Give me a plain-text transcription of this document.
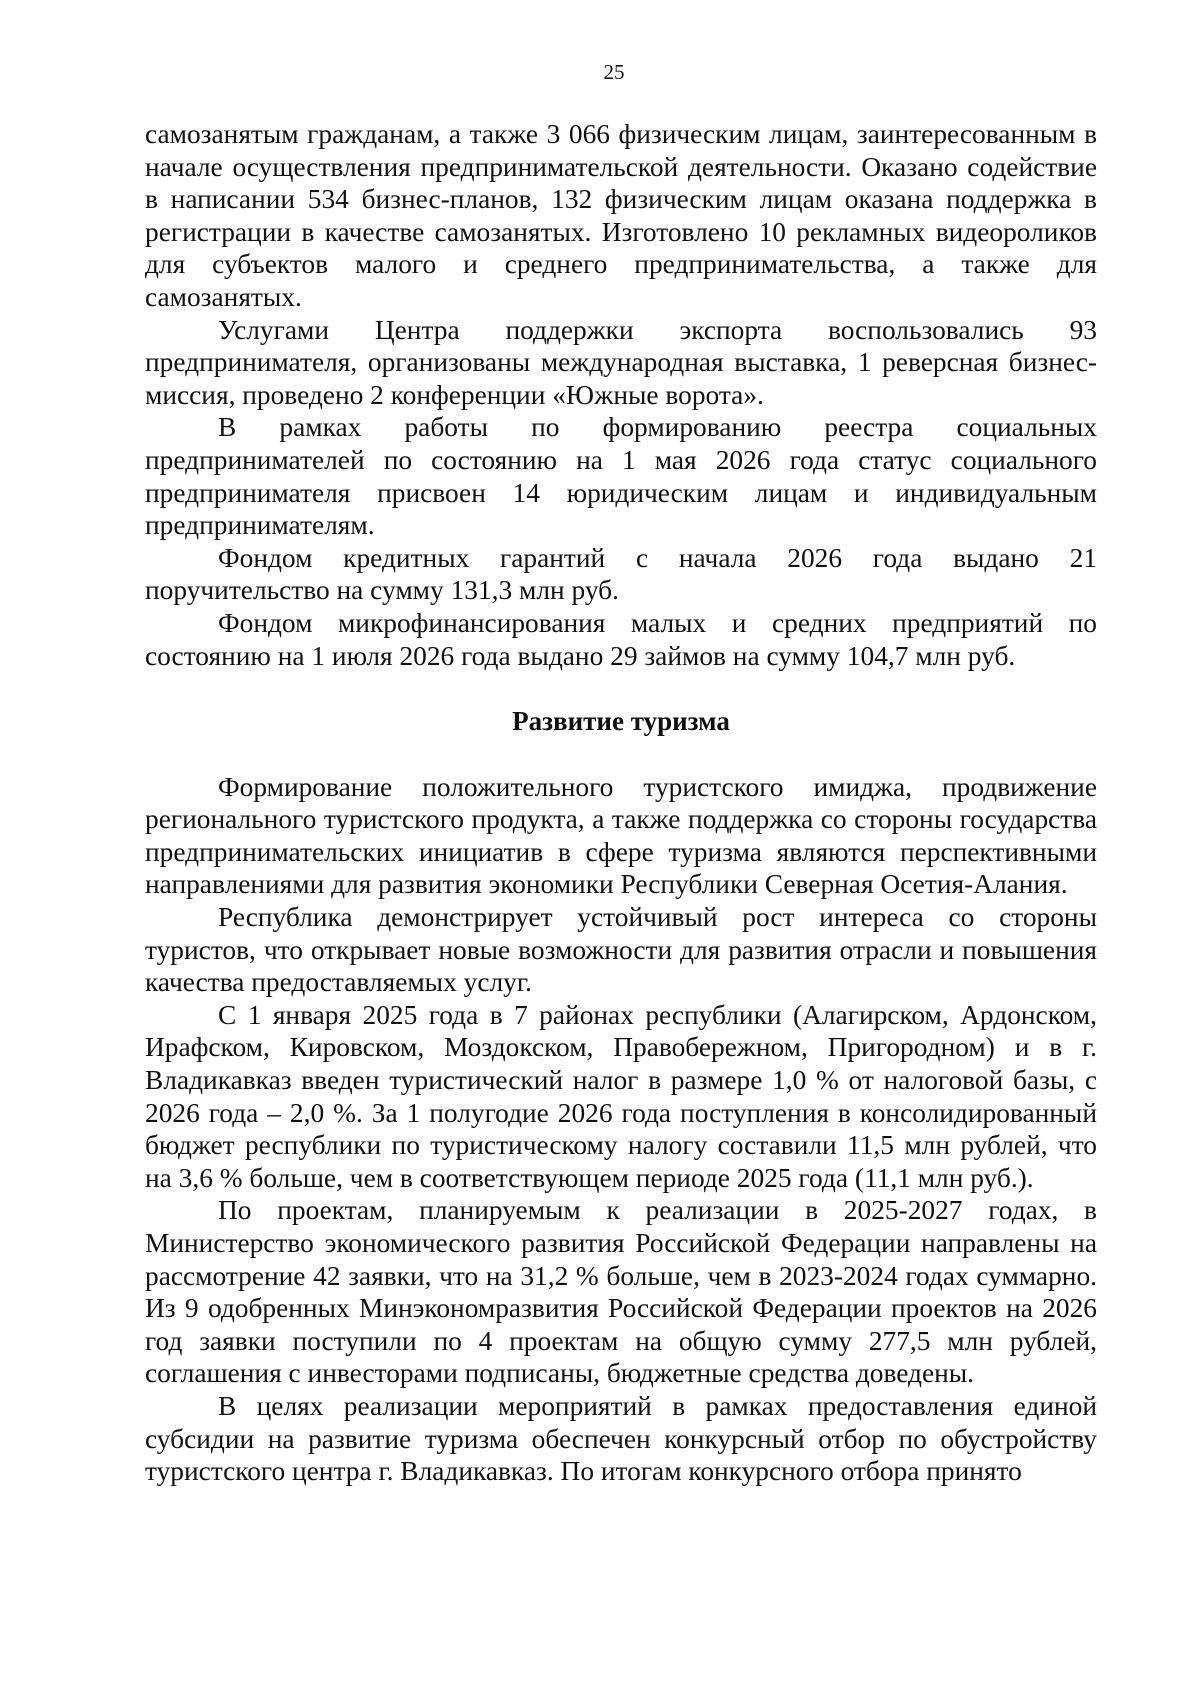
25

самозанятым гражданам, а также 3 066 физическим лицам, заинтересованным в начале осуществления предпринимательской деятельности. Оказано содействие в написании 534 бизнес-планов, 132 физическим лицам оказана поддержка в регистрации в качестве самозанятых. Изготовлено 10 рекламных видеороликов для субъектов малого и среднего предпринимательства, а также для самозанятых.

Услугами Центра поддержки экспорта воспользовались 93 предпринимателя, организованы международная выставка, 1 реверсная бизнес-миссия, проведено 2 конференции «Южные ворота».

В рамках работы по формированию реестра социальных предпринимателей по состоянию на 1 мая 2026 года статус социального предпринимателя присвоен 14 юридическим лицам и индивидуальным предпринимателям.

Фондом кредитных гарантий с начала 2026 года выдано 21 поручительство на сумму 131,3 млн руб.

Фондом микрофинансирования малых и средних предприятий по состоянию на 1 июля 2026 года выдано 29 займов на сумму 104,7 млн руб.

Развитие туризма

Формирование положительного туристского имиджа, продвижение регионального туристского продукта, а также поддержка со стороны государства предпринимательских инициатив в сфере туризма являются перспективными направлениями для развития экономики Республики Северная Осетия-Алания.

Республика демонстрирует устойчивый рост интереса со стороны туристов, что открывает новые возможности для развития отрасли и повышения качества предоставляемых услуг.

С 1 января 2025 года в 7 районах республики (Алагирском, Ардонском, Ирафском, Кировском, Моздокском, Правобережном, Пригородном) и в г. Владикавказ введен туристический налог в размере 1,0 % от налоговой базы, с 2026 года – 2,0 %. За 1 полугодие 2026 года поступления в консолидированный бюджет республики по туристическому налогу составили 11,5 млн рублей, что на 3,6 % больше, чем в соответствующем периоде 2025 года (11,1 млн руб.).

По проектам, планируемым к реализации в 2025-2027 годах, в Министерство экономического развития Российской Федерации направлены на рассмотрение 42 заявки, что на 31,2 % больше, чем в 2023-2024 годах суммарно. Из 9 одобренных Минэкономразвития Российской Федерации проектов на 2026 год заявки поступили по 4 проектам на общую сумму 277,5 млн рублей, соглашения с инвесторами подписаны, бюджетные средства доведены.

В целях реализации мероприятий в рамках предоставления единой субсидии на развитие туризма обеспечен конкурсный отбор по обустройству туристского центра г. Владикавказ. По итогам конкурсного отбора принято
